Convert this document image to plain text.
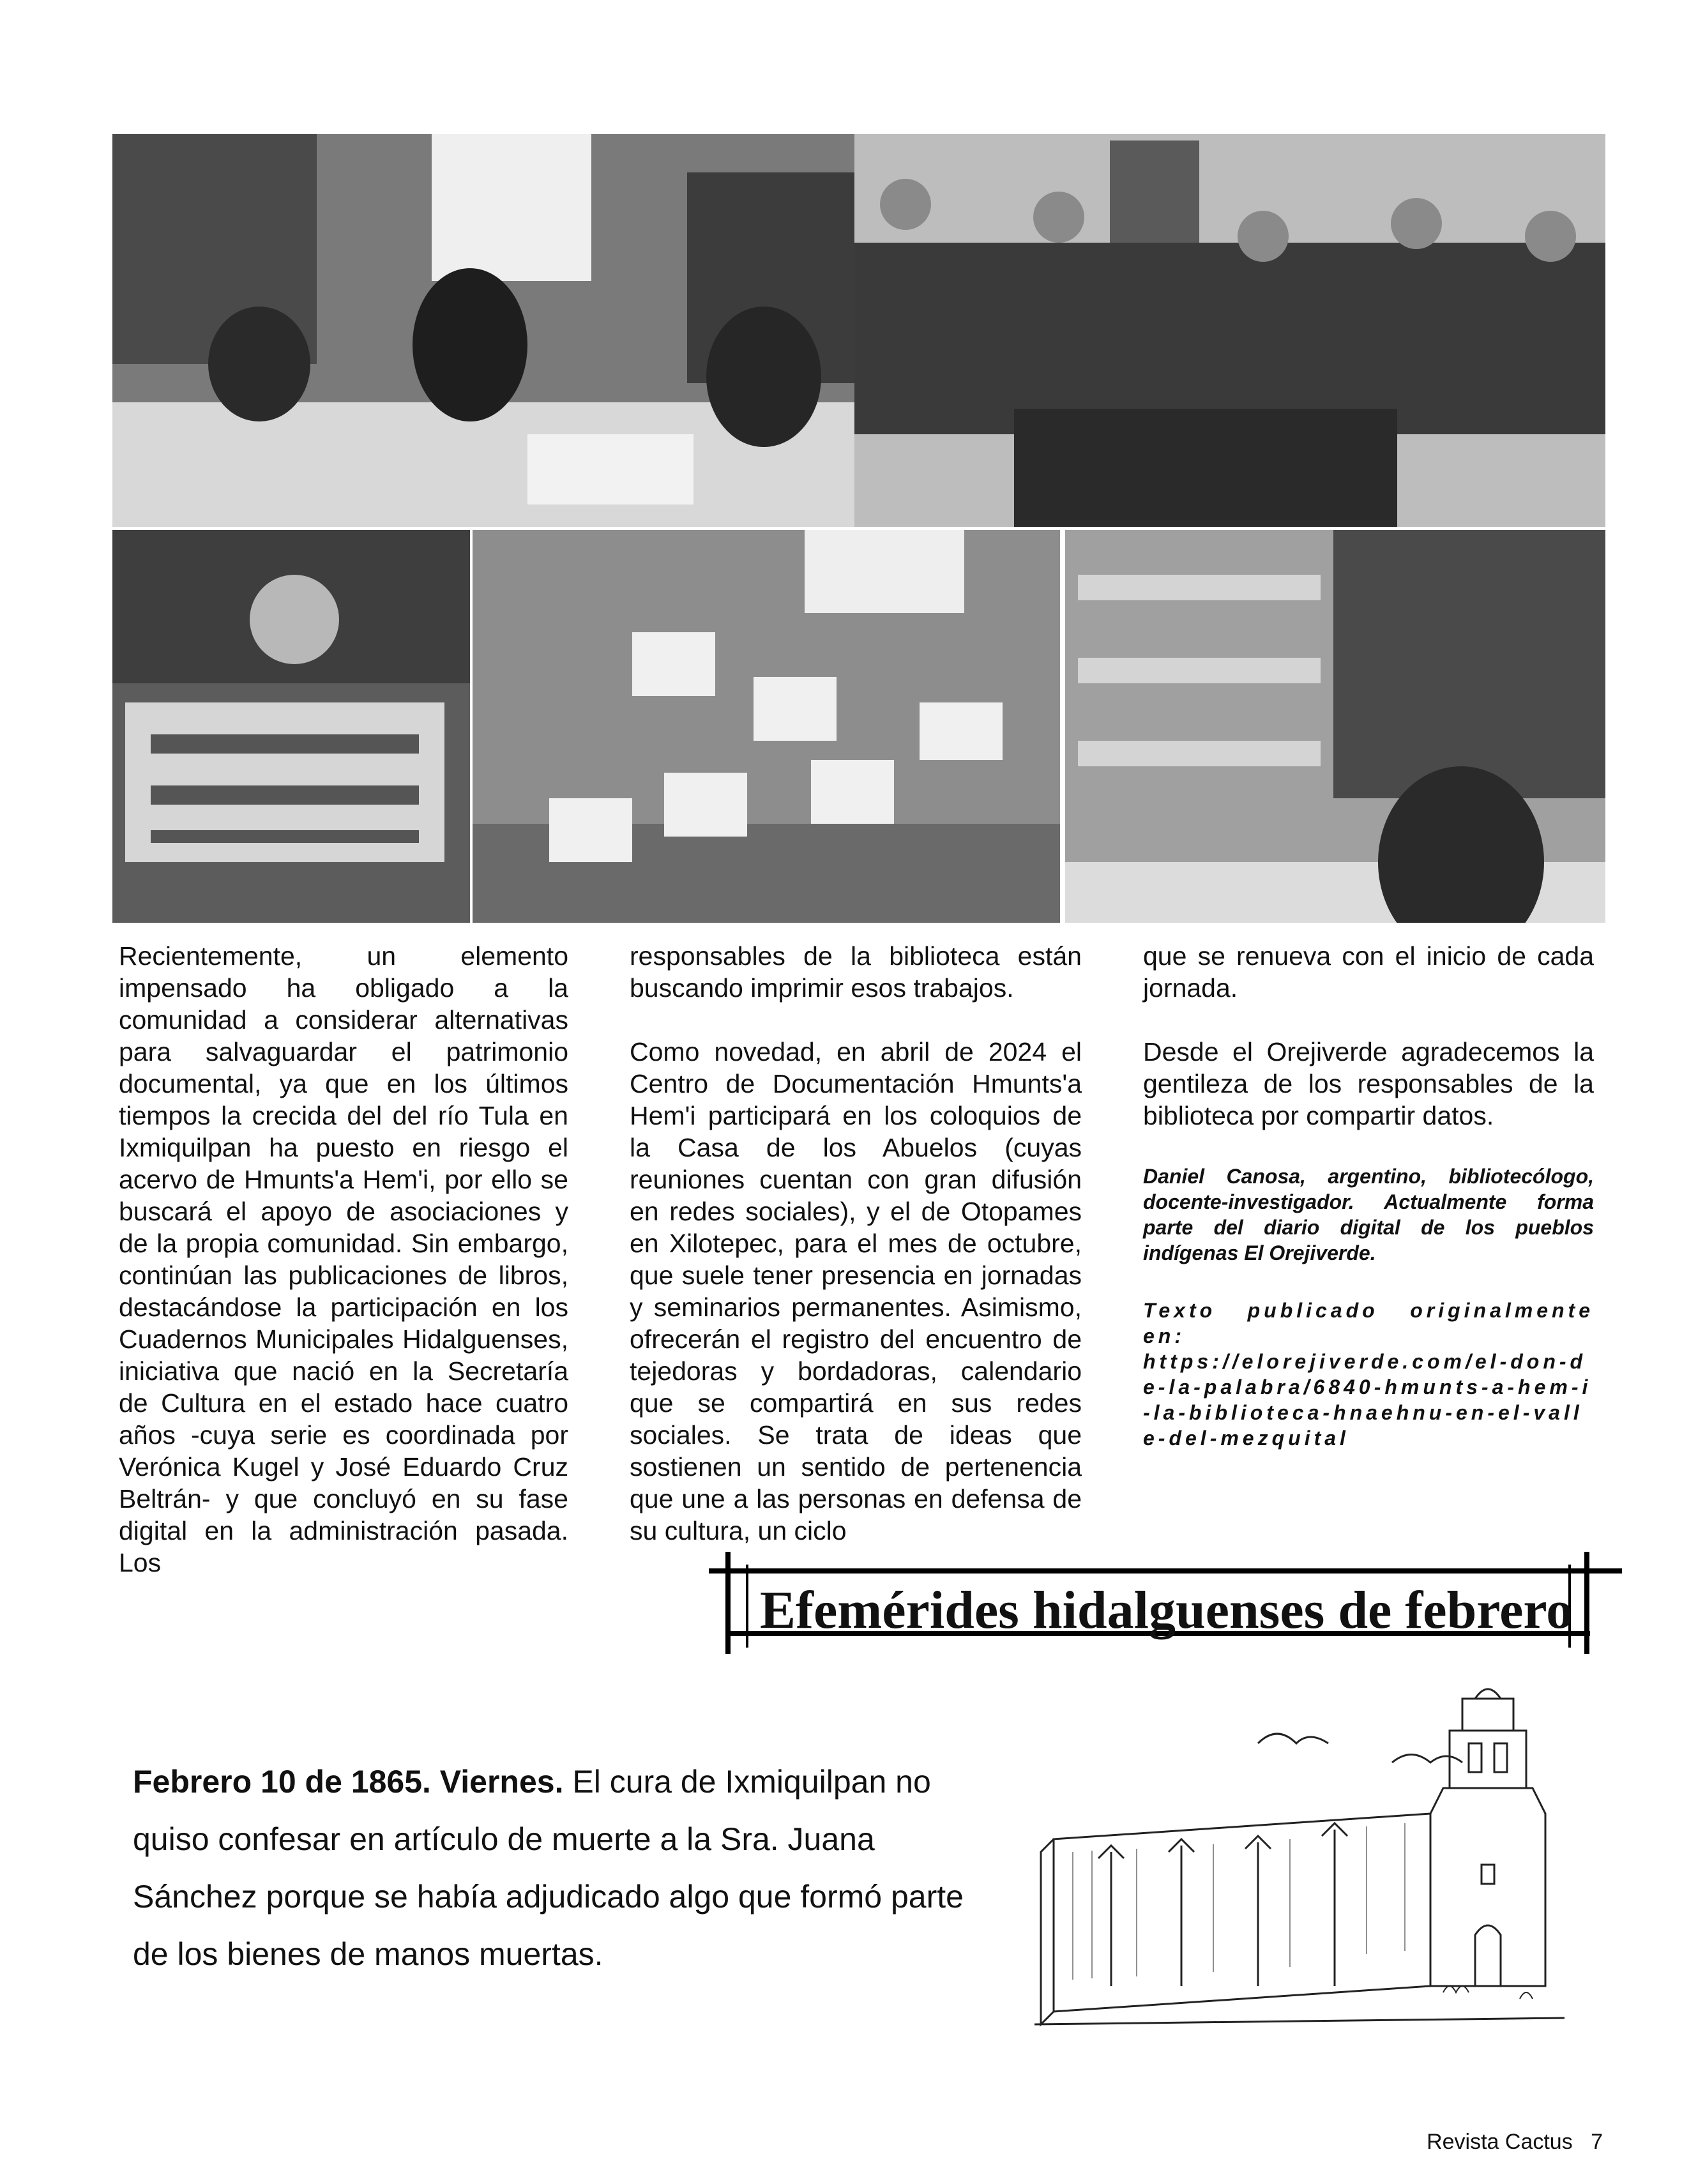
Recientemente, un elemento impensado ha obligado a la comunidad a considerar alternativas para salvaguardar el patrimonio documental, ya que en los últimos tiempos la crecida del del río Tula en Ixmiquilpan ha puesto en riesgo el acervo de Hmunts'a Hem'i, por ello se buscará el apoyo de asociaciones y de la propia comunidad. Sin embargo, continúan las publicaciones de libros, destacándose la participación en los Cuadernos Municipales Hidalguenses, iniciativa que nació en la Secretaría de Cultura en el estado hace cuatro años -cuya serie es coordinada por Verónica Kugel y José Eduardo Cruz Beltrán- y que concluyó en su fase digital en la administración pasada. Los

responsables de la biblioteca están buscando imprimir esos trabajos.

Como novedad, en abril de 2024 el Centro de Documentación Hmunts'a Hem'i participará en los coloquios de la Casa de los Abuelos (cuyas reuniones cuentan con gran difusión en redes sociales), y el de Otopames en Xilotepec, para el mes de octubre, que suele tener presencia en jornadas y seminarios permanentes. Asimismo, ofrecerán el registro del encuentro de tejedoras y bordadoras, calendario que se compartirá en sus redes sociales. Se trata de ideas que sostienen un sentido de pertenencia que une a las personas en defensa de su cultura, un ciclo

que se renueva con el inicio de cada jornada.

Desde el Orejiverde agradecemos la gentileza de los responsables de la biblioteca por compartir datos.

Daniel Canosa, argentino, bibliotecólogo, docente-investigador. Actualmente forma parte del diario digital de los pueblos indígenas El Orejiverde.

Texto publicado originalmente en:

https://elorejiverde.com/el-don-de-la-palabra/6840-hmunts-a-hem-i-la-biblioteca-hnaehnu-en-el-valle-del-mezquital

Efemérides hidalguenses de febrero
Febrero 10 de 1865. Viernes. El cura de Ixmiquilpan no quiso confesar en artículo de muerte a la Sra. Juana Sánchez porque se había adjudicado algo que formó parte de los bienes de manos muertas.
Revista Cactus 7
